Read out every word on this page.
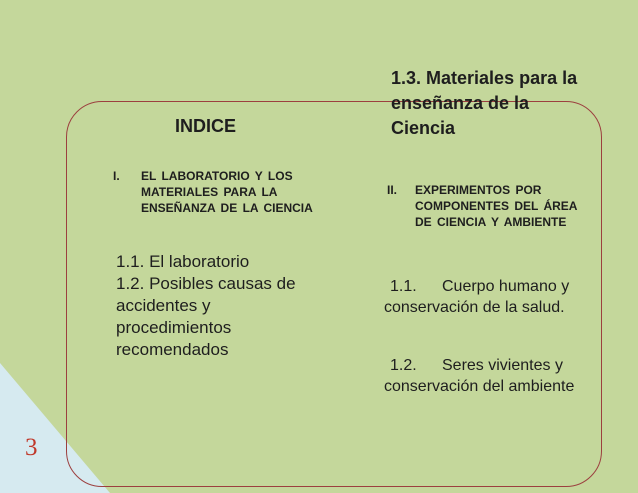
3
INDICE
1.3. Materiales para la enseñanza de la Ciencia
I.	EL LABORATORIO Y LOS MATERIALES PARA LA ENSEÑANZA DE LA CIENCIA
1.1. El laboratorio
1.2. Posibles causas de accidentes y procedimientos recomendados
II.	EXPERIMENTOS POR COMPONENTES DEL ÁREA DE CIENCIA Y AMBIENTE
1.1. Cuerpo humano y conservación de la salud.
1.2. Seres vivientes y conservación del ambiente
